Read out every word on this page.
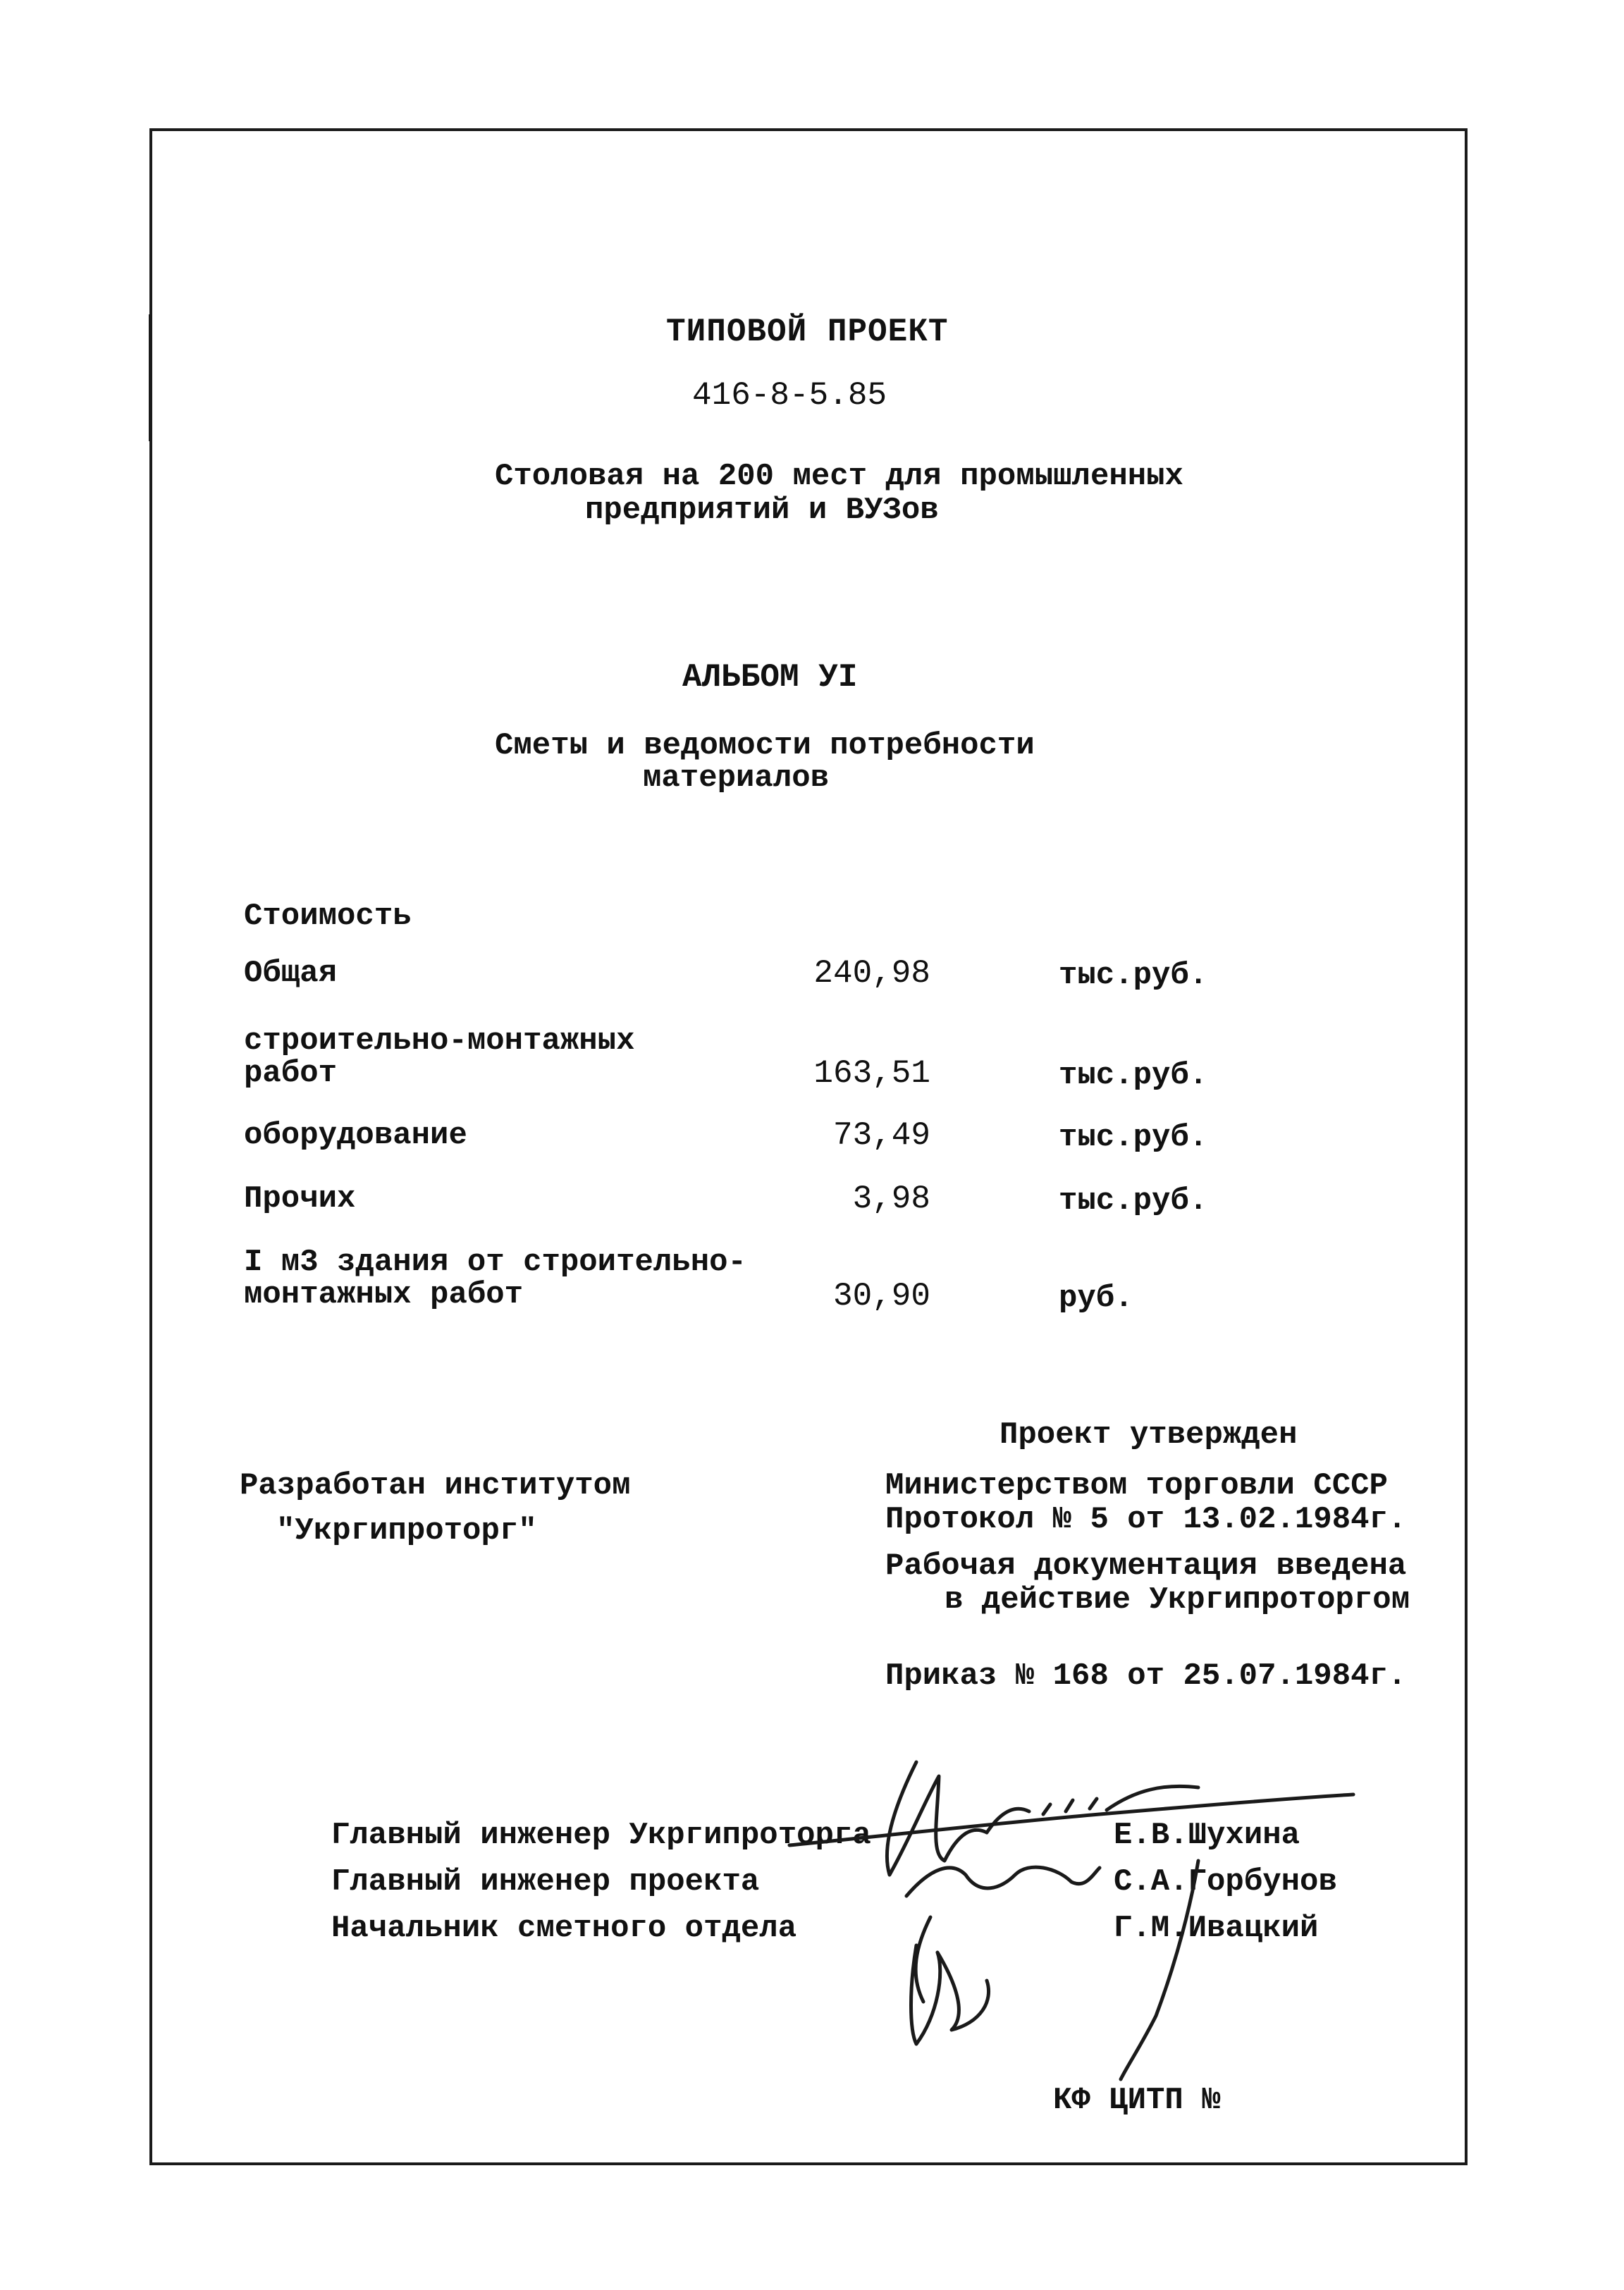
ТИПОВОЙ ПРОЕКТ
416-8-5.85
Столовая на 200 мест для промышленных
предприятий и ВУЗов
АЛЬБОМ УI
Сметы и ведомости потребности
материалов
Стоимость
Общая	240,98	тыс.руб.
строительно-монтажных
работ	163,51	тыс.руб.
оборудование	73,49	тыс.руб.
Прочих	3,98	тыс.руб.
I м3 здания от строительно-
монтажных работ	30,90	руб.
Проект утвержден
Министерством торговли СССР
Протокол № 5 от 13.02.1984г.
Рабочая документация введена
в действие Укргипроторгом
Приказ № 168 от 25.07.1984г.
Разработан институтом
"Укргипроторг"
Главный инженер Укргипроторга	Е.В.Шухина
Главный инженер проекта	С.А.Горбунов
Начальник сметного отдела	Г.М.Ивацкий
КФ ЦИТП №
